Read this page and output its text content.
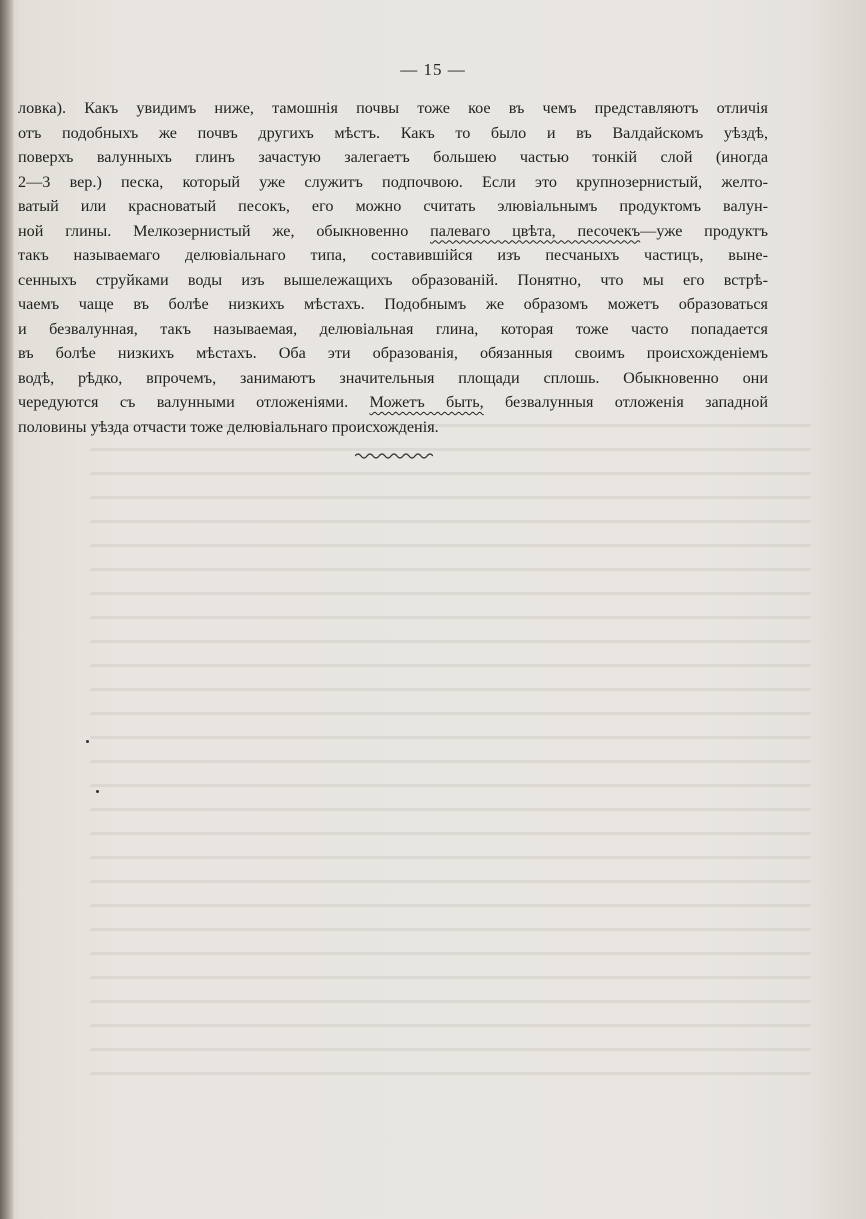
— 15 —
ловка). Какъ увидимъ ниже, тамошнія почвы тоже кое въ чемъ представляютъ отличія
отъ подобныхъ же почвъ другихъ мѣстъ. Какъ то было и въ Валдайскомъ уѣздѣ,
поверхъ валунныхъ глинъ зачастую залегаетъ большею частью тонкій слой (иногда
2—3 вер.) песка, который уже служитъ подпочвою. Если это крупнозернистый, желто-
ватый или красноватый песокъ, его можно считать элювіальнымъ продуктомъ валун-
ной глины. Мелкозернистый же, обыкновенно палеваго цвѣта, песочекъ—уже продуктъ
такъ называемаго делювіальнаго типа, составившійся изъ песчаныхъ частицъ, выне-
сенныхъ струйками воды изъ вышележащихъ образованій. Понятно, что мы его встрѣ-
чаемъ чаще въ болѣе низкихъ мѣстахъ. Подобнымъ же образомъ можетъ образоваться
и безвалунная, такъ называемая, делювіальная глина, которая тоже часто попадается
въ болѣе низкихъ мѣстахъ. Оба эти образованія, обязанныя своимъ происхожденіемъ
водѣ, рѣдко, впрочемъ, занимаютъ значительныя площади сплошь. Обыкновенно они
чередуются съ валунными отложеніями. Можетъ быть, безвалунныя отложенія западной
половины уѣзда отчасти тоже делювіальнаго происхожденія.
